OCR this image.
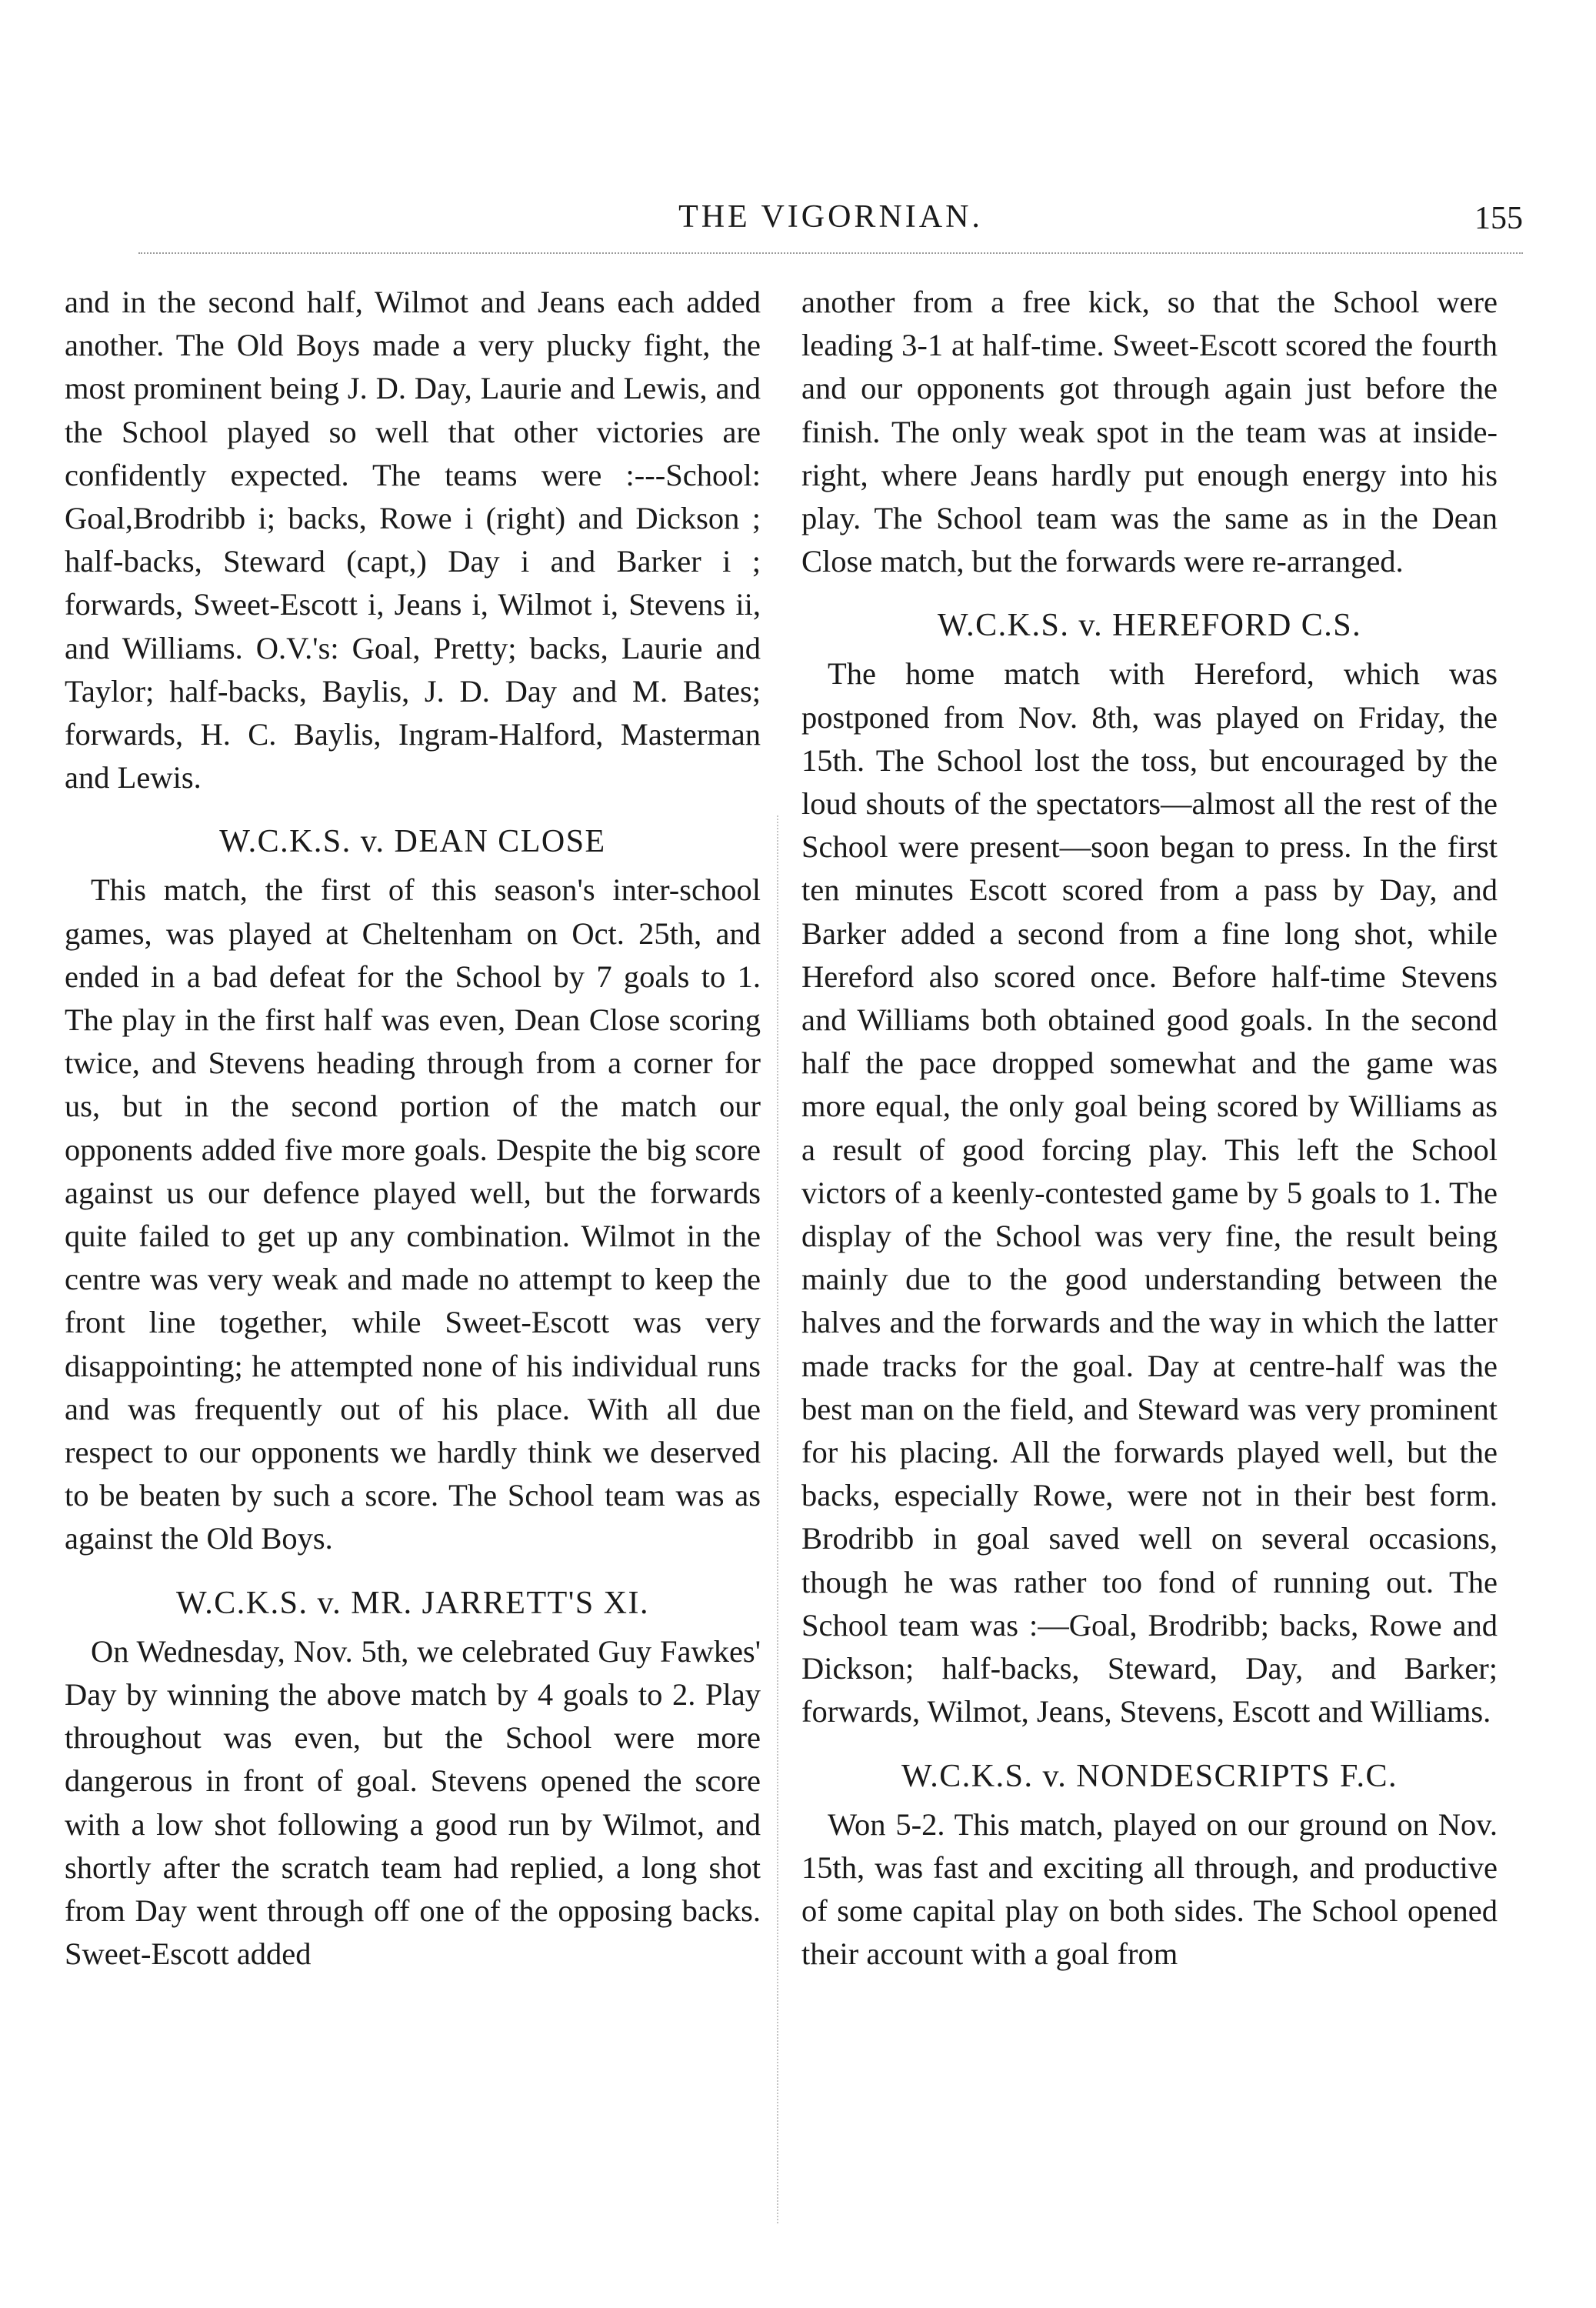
THE VIGORNIAN.	155

and in the second half, Wilmot and Jeans each added another. The Old Boys made a very plucky fight, the most prominent being J. D. Day, Laurie and Lewis, and the School played so well that other victories are confidently expected. The teams were :---School: Goal,Brodribb i; backs, Rowe i (right) and Dickson ; half-backs, Steward (capt,) Day i and Barker i ; forwards, Sweet-Escott i, Jeans i, Wilmot i, Stevens ii, and Williams. O.V.'s: Goal, Pretty; backs, Laurie and Taylor; half-backs, Baylis, J. D. Day and M. Bates; forwards, H. C. Baylis, Ingram-Halford, Masterman and Lewis.

W.C.K.S. v. DEAN CLOSE

This match, the first of this season's inter-school games, was played at Cheltenham on Oct. 25th, and ended in a bad defeat for the School by 7 goals to 1. The play in the first half was even, Dean Close scoring twice, and Stevens heading through from a corner for us, but in the second portion of the match our opponents added five more goals. Despite the big score against us our defence played well, but the forwards quite failed to get up any combination. Wilmot in the centre was very weak and made no attempt to keep the front line together, while Sweet-Escott was very disappointing; he attempted none of his individual runs and was frequently out of his place. With all due respect to our opponents we hardly think we deserved to be beaten by such a score. The School team was as against the Old Boys.

W.C.K.S. v. MR. JARRETT'S XI.

On Wednesday, Nov. 5th, we celebrated Guy Fawkes' Day by winning the above match by 4 goals to 2. Play throughout was even, but the School were more dangerous in front of goal. Stevens opened the score with a low shot following a good run by Wilmot, and shortly after the scratch team had replied, a long shot from Day went through off one of the opposing backs. Sweet-Escott added

another from a free kick, so that the School were leading 3-1 at half-time. Sweet-Escott scored the fourth and our opponents got through again just before the finish. The only weak spot in the team was at inside-right, where Jeans hardly put enough energy into his play. The School team was the same as in the Dean Close match, but the forwards were re-arranged.

W.C.K.S. v. HEREFORD C.S.

The home match with Hereford, which was postponed from Nov. 8th, was played on Friday, the 15th. The School lost the toss, but encouraged by the loud shouts of the spectators—almost all the rest of the School were present—soon began to press. In the first ten minutes Escott scored from a pass by Day, and Barker added a second from a fine long shot, while Hereford also scored once. Before half-time Stevens and Williams both obtained good goals. In the second half the pace dropped somewhat and the game was more equal, the only goal being scored by Williams as a result of good forcing play. This left the School victors of a keenly-contested game by 5 goals to 1. The display of the School was very fine, the result being mainly due to the good understanding between the halves and the forwards and the way in which the latter made tracks for the goal. Day at centre-half was the best man on the field, and Steward was very prominent for his placing. All the forwards played well, but the backs, especially Rowe, were not in their best form. Brodribb in goal saved well on several occasions, though he was rather too fond of running out. The School team was :—Goal, Brodribb; backs, Rowe and Dickson; half-backs, Steward, Day, and Barker; forwards, Wilmot, Jeans, Stevens, Escott and Williams.

W.C.K.S. v. NONDESCRIPTS F.C.

Won 5-2. This match, played on our ground on Nov. 15th, was fast and exciting all through, and productive of some capital play on both sides. The School opened their account with a goal from
